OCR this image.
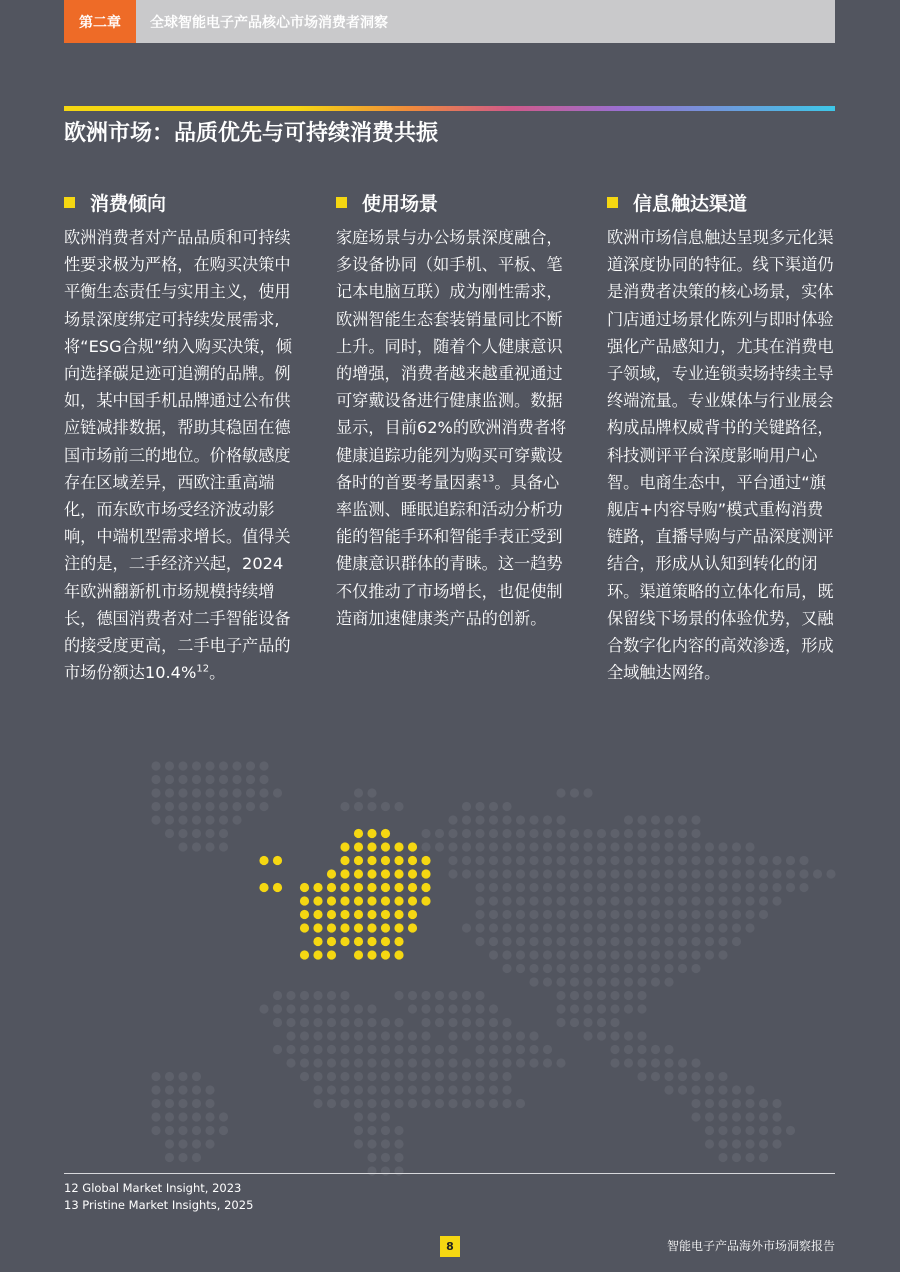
第二章	全球智能电子产品核心市场消费者洞察
欧洲市场：品质优先与可持续消费共振
消费倾向
欧洲消费者对产品品质和可持续性要求极为严格，在购买决策中平衡生态责任与实用主义，使用场景深度绑定可持续发展需求,将“ESG合规”纳入购买决策，倾向选择碳足迹可追溯的品牌。例如，某中国手机品牌通过公布供应链减排数据，帮助其稳固在德国市场前三的地位。价格敏感度存在区域差异，西欧注重高端化，而东欧市场受经济波动影响，中端机型需求增长。值得关注的是，二手经济兴起，2024年欧洲翻新机市场规模持续增长，德国消费者对二手智能设备的接受度更高，二手电子产品的市场份额达10.4%$^{12}$。
使用场景
家庭场景与办公场景深度融合，多设备协同（如手机、平板、笔记本电脑互联）成为刚性需求，欧洲智能生态套装销量同比不断上升。同时，随着个人健康意识的增强，消费者越来越重视通过可穿戴设备进行健康监测。数据显示，目前62%的欧洲消费者将健康追踪功能列为购买可穿戴设备时的首要考量因素$^{13}$。具备心率监测、睡眠追踪和活动分析功能的智能手环和智能手表正受到健康意识群体的青睐。这一趋势不仅推动了市场增长，也促使制造商加速健康类产品的创新。
信息触达渠道
欧洲市场信息触达呈现多元化渠道深度协同的特征。线下渠道仍是消费者决策的核心场景，实体门店通过场景化陈列与即时体验强化产品感知力，尤其在消费电子领域，专业连锁卖场持续主导终端流量。专业媒体与行业展会构成品牌权威背书的关键路径，科技测评平台深度影响用户心智。电商生态中，平台通过“旗舰店+内容导购”模式重构消费链路，直播导购与产品深度测评结合，形成从认知到转化的闭环。渠道策略的立体化布局，既保留线下场景的体验优势，又融合数字化内容的高效渗透，形成全域触达网络。
12 Global Market Insight, 2023
13 Pristine Market Insights, 2025
8	智能电子产品海外市场洞察报告
